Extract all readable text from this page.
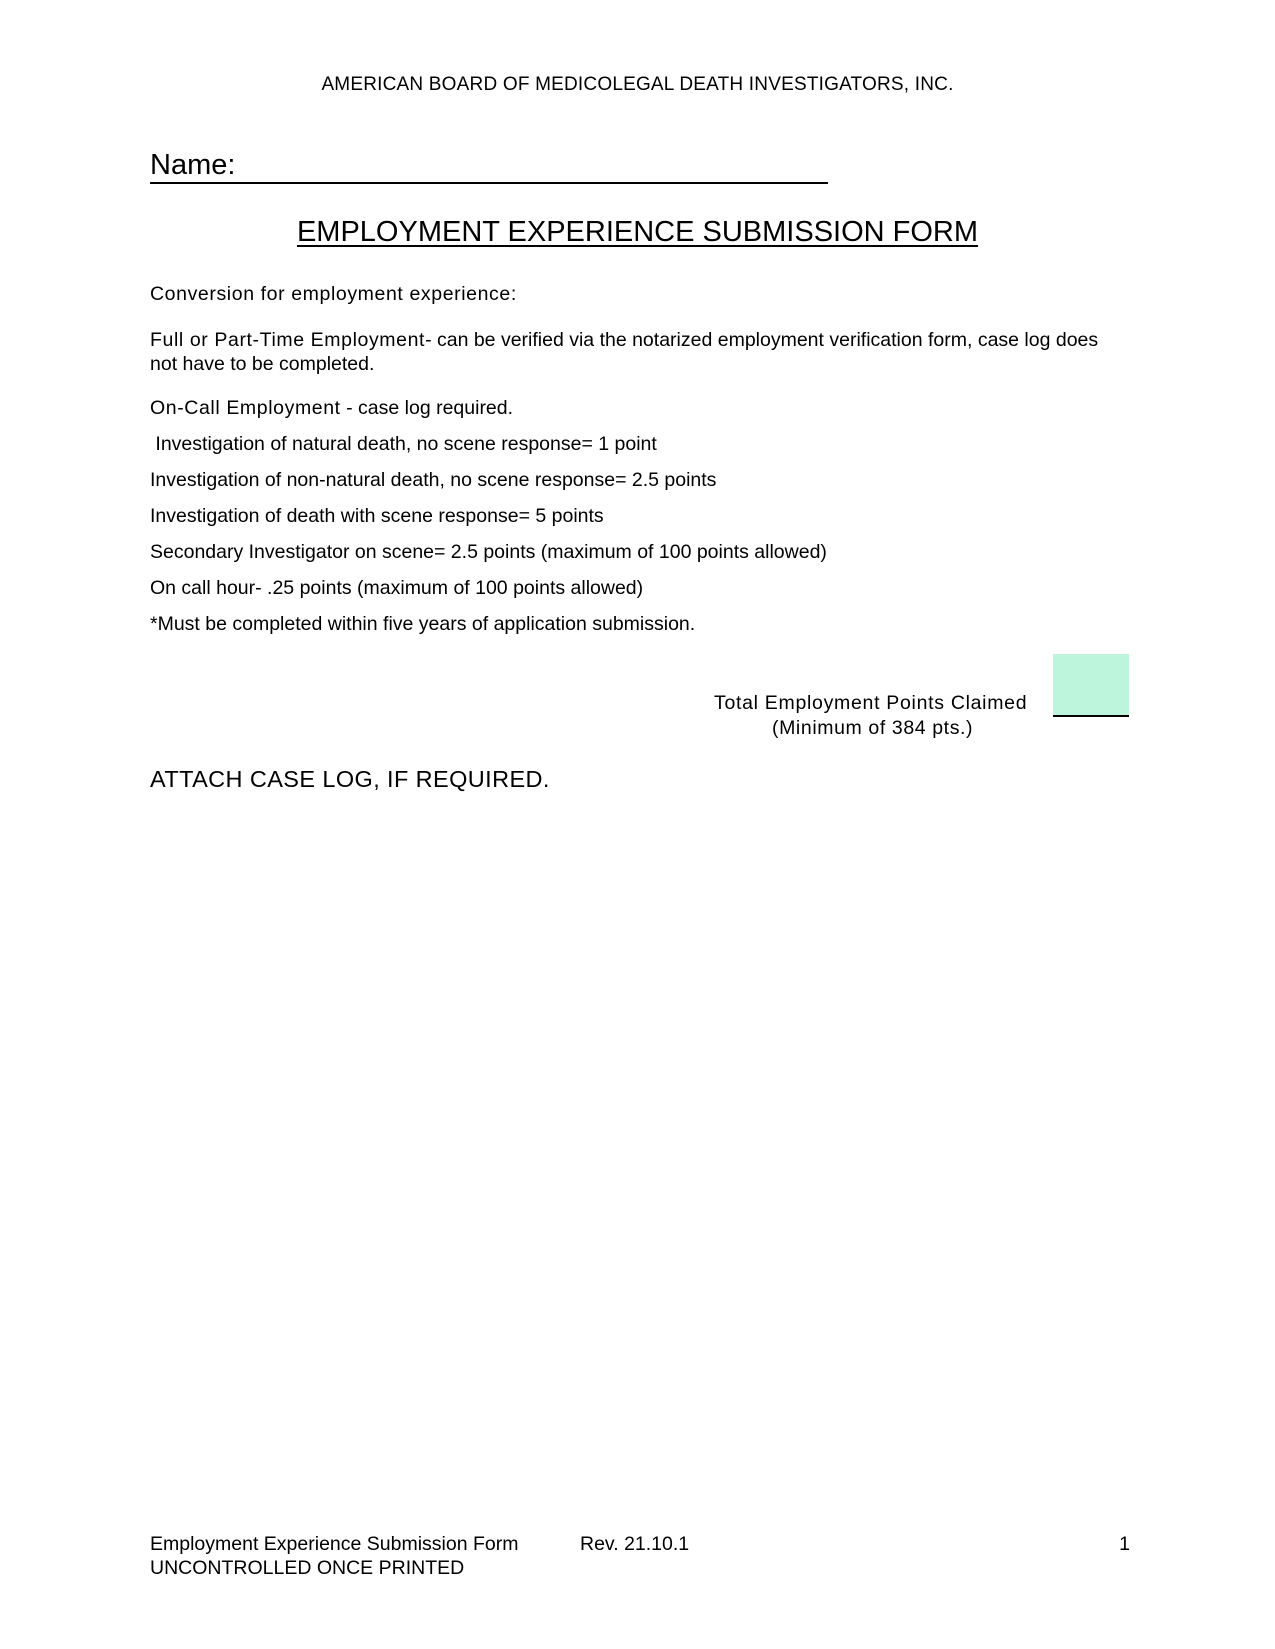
AMERICAN BOARD OF MEDICOLEGAL DEATH INVESTIGATORS, INC.
Name:
EMPLOYMENT EXPERIENCE SUBMISSION FORM
Conversion for employment experience:
Full or Part-Time Employment- can be verified via the notarized employment verification form, case log does not have to be completed.
On-Call Employment - case log required.
Investigation of natural death, no scene response= 1 point
Investigation of non-natural death, no scene response= 2.5 points
Investigation of death with scene response= 5 points
Secondary Investigator on scene= 2.5 points (maximum of 100 points allowed)
On call hour- .25 points (maximum of 100 points allowed)
*Must be completed within five years of application submission.
Total Employment Points Claimed
(Minimum of 384 pts.)
ATTACH CASE LOG, IF REQUIRED.
Employment Experience Submission Form	Rev. 21.10.1	1
UNCONTROLLED ONCE PRINTED
